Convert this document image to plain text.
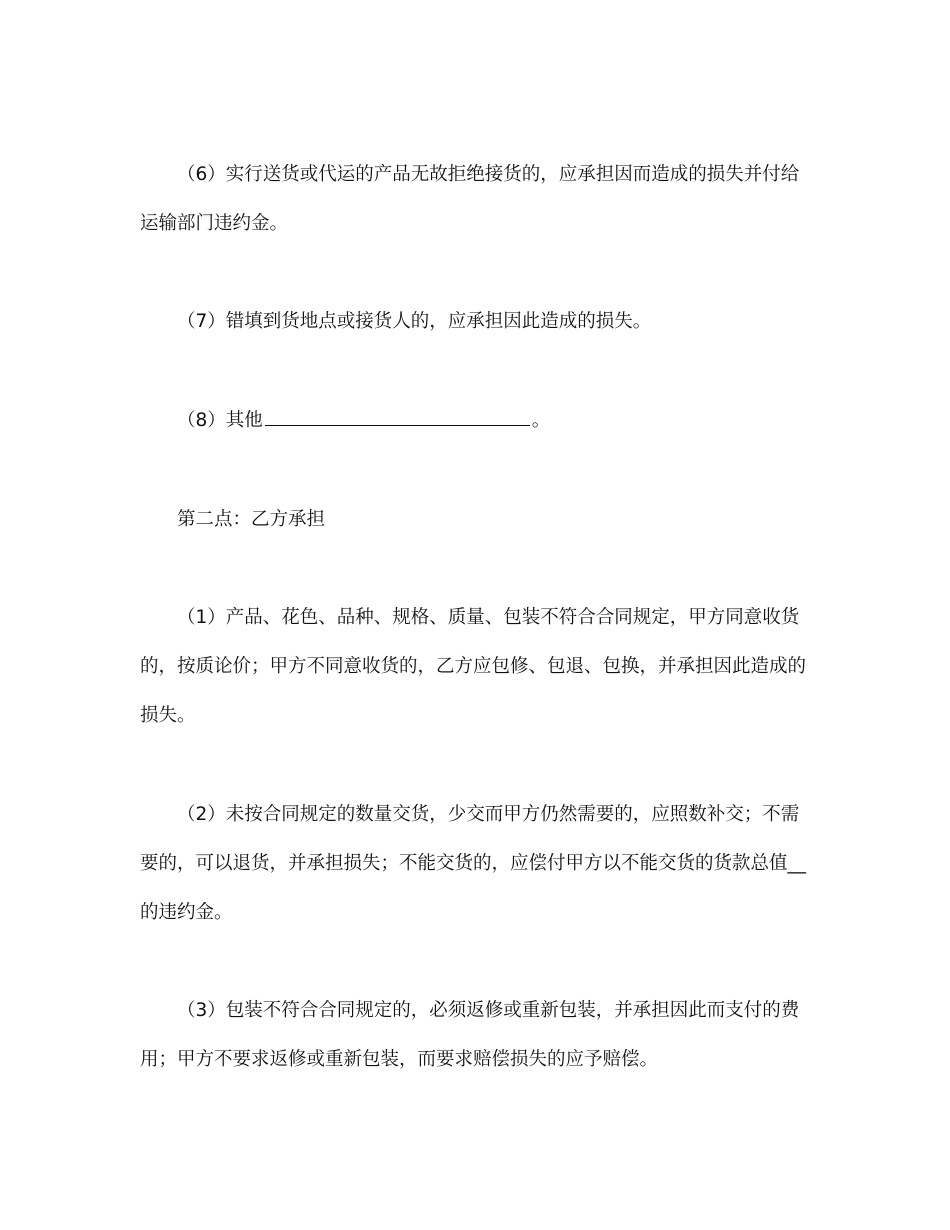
（6）实行送货或代运的产品无故拒绝接货的，应承担因而造成的损失并付给
运输部门违约金。
（7）错填到货地点或接货人的，应承担因此造成的损失。
（8）其他	。
第二点：乙方承担
（1）产品、花色、品种、规格、质量、包装不符合合同规定，甲方同意收货
的，按质论价；甲方不同意收货的，乙方应包修、包退、包换，并承担因此造成的
损失。
（2）未按合同规定的数量交货，少交而甲方仍然需要的，应照数补交；不需
要的，可以退货，并承担损失；不能交货的，应偿付甲方以不能交货的货款总值__
的违约金。
（3）包装不符合合同规定的，必须返修或重新包装，并承担因此而支付的费
用；甲方不要求返修或重新包装，而要求赔偿损失的应予赔偿。
